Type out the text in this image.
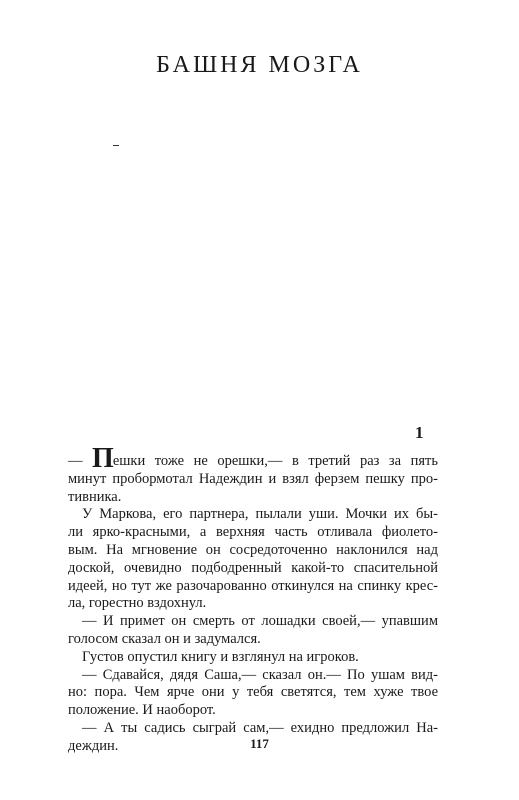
БАШНЯ МОЗГА
1
— Пешки тоже не орешки,— в третий раз за пять
минут пробормотал Надеждин и взял ферзем пешку про-
тивника.
У Маркова, его партнера, пылали уши. Мочки их бы-
ли ярко-красными, а верхняя часть отливала фиолето-
вым. На мгновение он сосредоточенно наклонился над
доской, очевидно подбодренный какой-то спасительной
идеей, но тут же разочарованно откинулся на спинку крес-
ла, горестно вздохнул.
— И примет он смерть от лошадки своей,— упавшим
голосом сказал он и задумался.
Густов опустил книгу и взглянул на игроков.
— Сдавайся, дядя Саша,— сказал он.— По ушам вид-
но: пора. Чем ярче они у тебя светятся, тем хуже твое
положение. И наоборот.
— А ты садись сыграй сам,— ехидно предложил На-
деждин.	117
